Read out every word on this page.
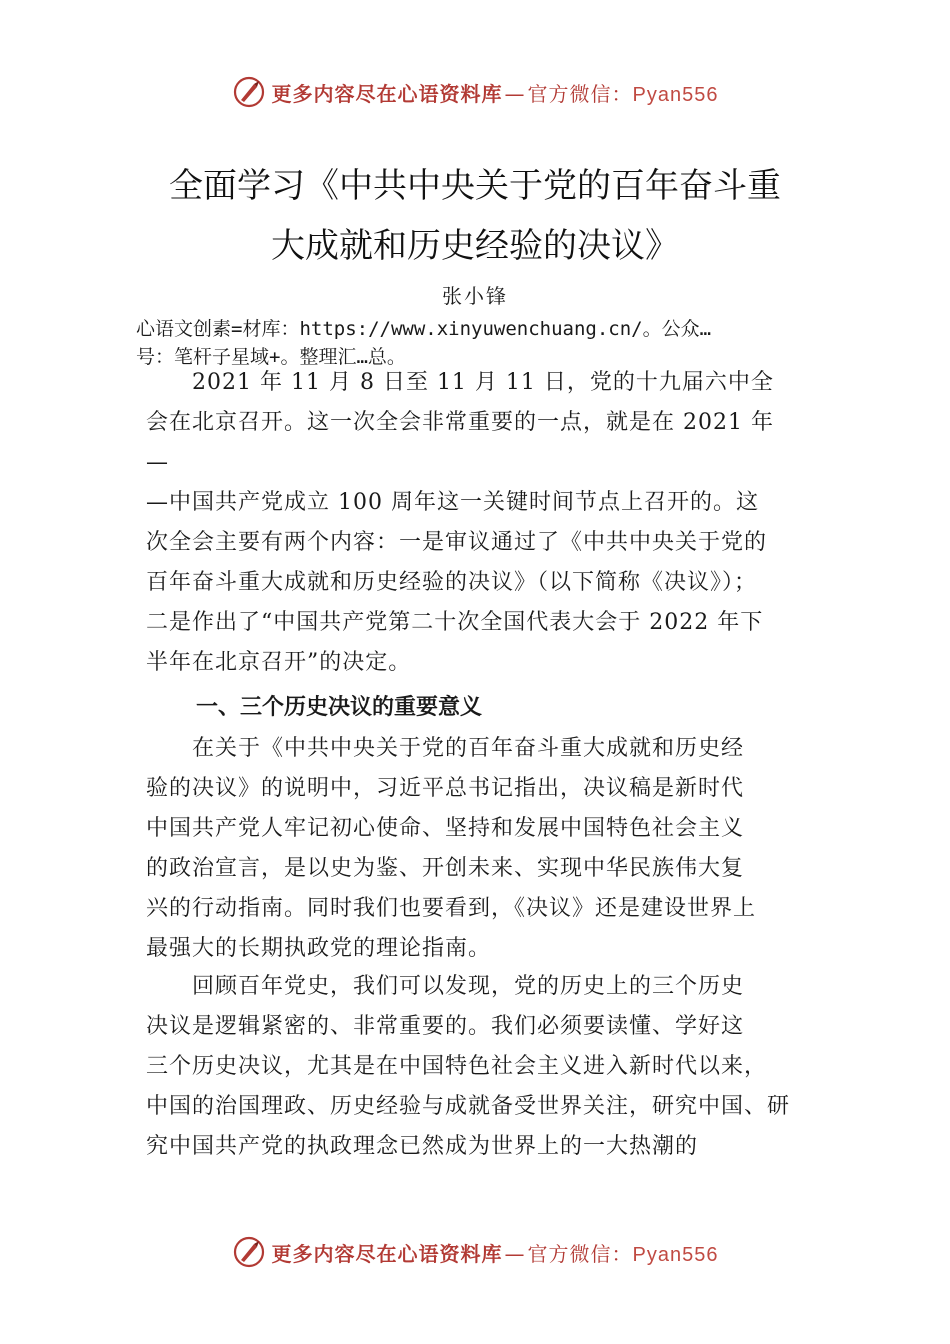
更多内容尽在心语资料库 — 官方微信：Pyan556
全面学习《中共中央关于党的百年奋斗重
大成就和历史经验的决议》
张小锋
心语文创素=材库：https://www.xinyuwenchuang.cn/。公众…
号：笔杆子星域+。整理汇…总。
　　2021 年 11 月 8 日至 11 月 11 日，党的十九届六中全
会在北京召开。这一次全会非常重要的一点，就是在 2021 年
—
—中国共产党成立 100 周年这一关键时间节点上召开的。这
次全会主要有两个内容：一是审议通过了《中共中央关于党的
百年奋斗重大成就和历史经验的决议》（以下简称《决议》）；
二是作出了“中国共产党第二十次全国代表大会于 2022 年下
半年在北京召开”的决定。
一、三个历史决议的重要意义
　　在关于《中共中央关于党的百年奋斗重大成就和历史经
验的决议》的说明中，习近平总书记指出，决议稿是新时代
中国共产党人牢记初心使命、坚持和发展中国特色社会主义
的政治宣言，是以史为鉴、开创未来、实现中华民族伟大复
兴的行动指南。同时我们也要看到，《决议》还是建设世界上
最强大的长期执政党的理论指南。
　　回顾百年党史，我们可以发现，党的历史上的三个历史
决议是逻辑紧密的、非常重要的。我们必须要读懂、学好这
三个历史决议，尤其是在中国特色社会主义进入新时代以来，
中国的治国理政、历史经验与成就备受世界关注，研究中国、研
究中国共产党的执政理念已然成为世界上的一大热潮的
更多内容尽在心语资料库 — 官方微信：Pyan556
